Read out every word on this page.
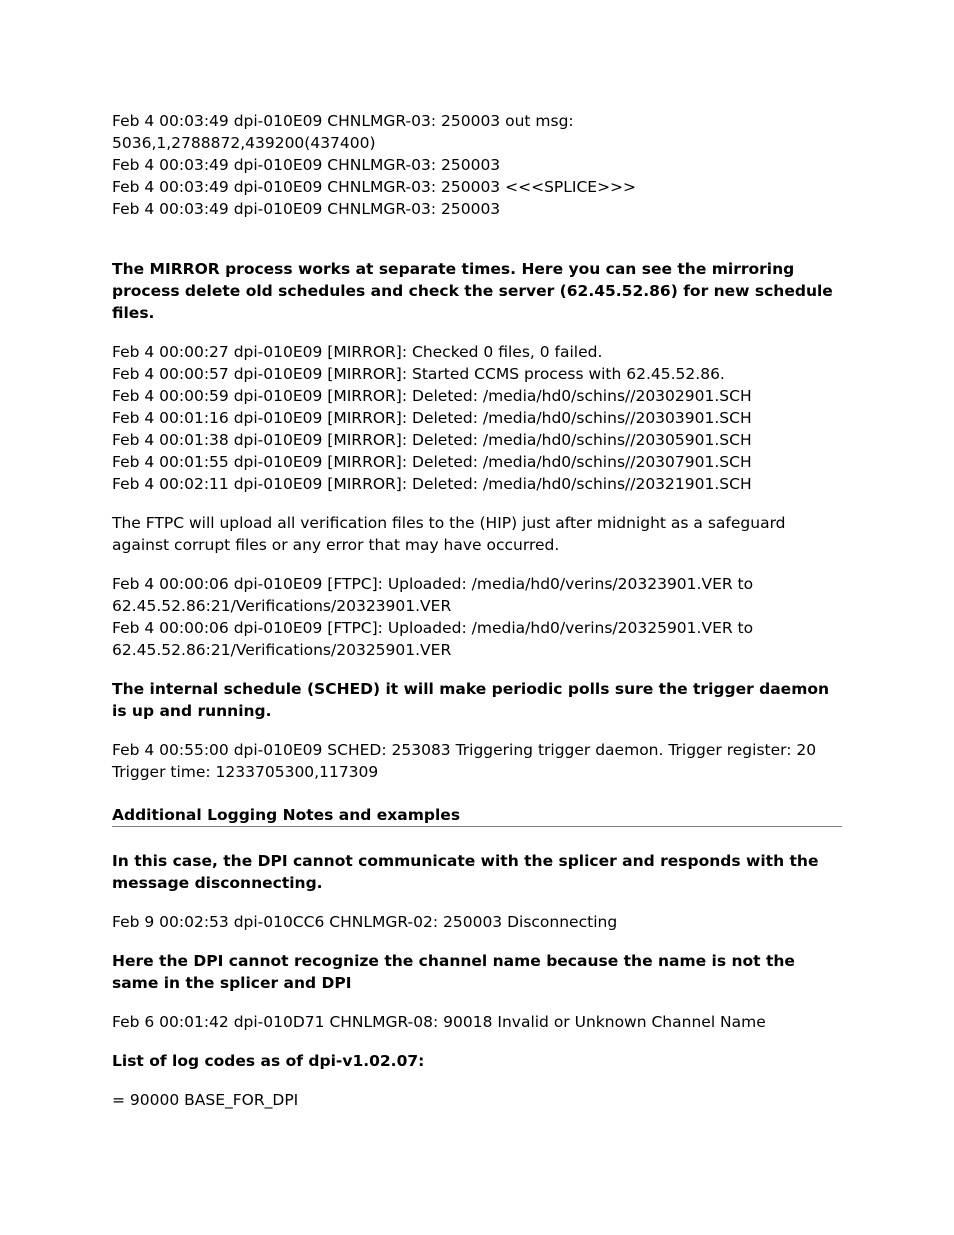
Feb 4 00:03:49 dpi-010E09 CHNLMGR-03: 250003 out msg:
5036,1,2788872,439200(437400)
Feb 4 00:03:49 dpi-010E09 CHNLMGR-03: 250003
Feb 4 00:03:49 dpi-010E09 CHNLMGR-03: 250003 <<<SPLICE>>>
Feb 4 00:03:49 dpi-010E09 CHNLMGR-03: 250003
The MIRROR process works at separate times. Here you can see the mirroring
process delete old schedules and check the server (62.45.52.86) for new schedule
files.
Feb 4 00:00:27 dpi-010E09 [MIRROR]: Checked 0 files, 0 failed.
Feb 4 00:00:57 dpi-010E09 [MIRROR]: Started CCMS process with 62.45.52.86.
Feb 4 00:00:59 dpi-010E09 [MIRROR]: Deleted: /media/hd0/schins//20302901.SCH
Feb 4 00:01:16 dpi-010E09 [MIRROR]: Deleted: /media/hd0/schins//20303901.SCH
Feb 4 00:01:38 dpi-010E09 [MIRROR]: Deleted: /media/hd0/schins//20305901.SCH
Feb 4 00:01:55 dpi-010E09 [MIRROR]: Deleted: /media/hd0/schins//20307901.SCH
Feb 4 00:02:11 dpi-010E09 [MIRROR]: Deleted: /media/hd0/schins//20321901.SCH
The FTPC will upload all verification files to the (HIP) just after midnight as a safeguard
against corrupt files or any error that may have occurred.
Feb 4 00:00:06 dpi-010E09 [FTPC]: Uploaded: /media/hd0/verins/20323901.VER to
62.45.52.86:21/Verifications/20323901.VER
Feb 4 00:00:06 dpi-010E09 [FTPC]: Uploaded: /media/hd0/verins/20325901.VER to
62.45.52.86:21/Verifications/20325901.VER
The internal schedule (SCHED) it will make periodic polls sure the trigger daemon
is up and running.
Feb 4 00:55:00 dpi-010E09 SCHED: 253083 Triggering trigger daemon. Trigger register: 20
Trigger time: 1233705300,117309
Additional Logging Notes and examples
In this case, the DPI cannot communicate with the splicer and responds with the
message disconnecting.
Feb 9 00:02:53 dpi-010CC6 CHNLMGR-02: 250003 Disconnecting
Here the DPI cannot recognize the channel name because the name is not the
same in the splicer and DPI
Feb 6 00:01:42 dpi-010D71 CHNLMGR-08: 90018 Invalid or Unknown Channel Name
List of log codes as of dpi-v1.02.07:
= 90000 BASE_FOR_DPI
